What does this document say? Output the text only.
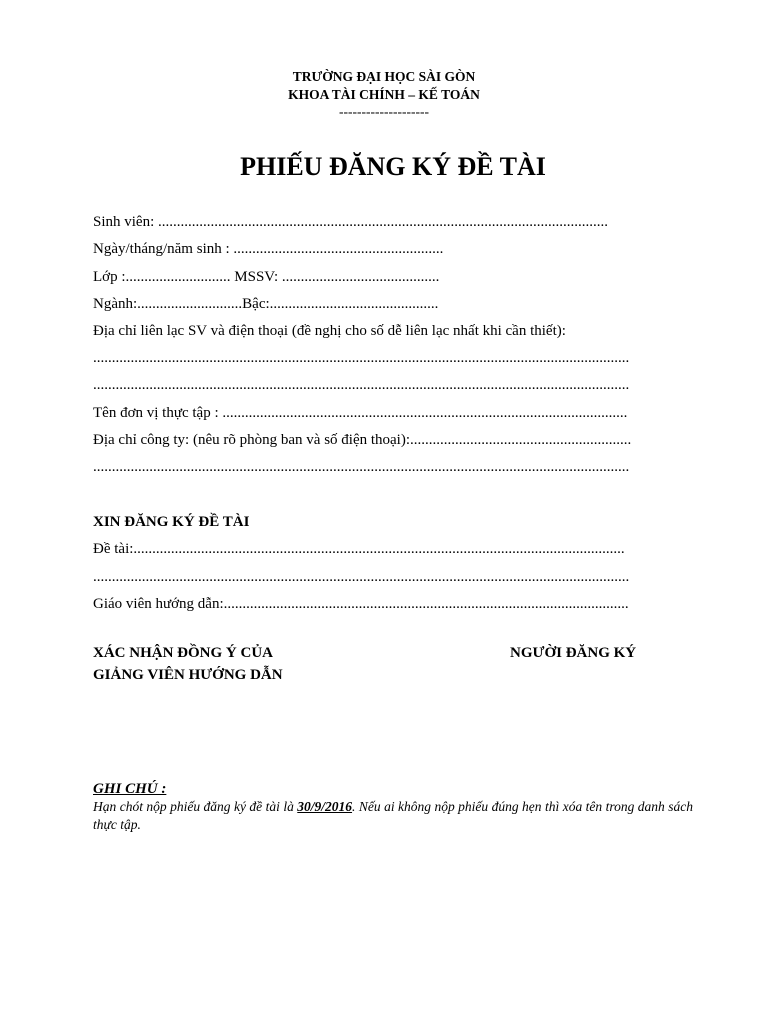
TRƯỜNG ĐẠI HỌC SÀI GÒN
KHOA TÀI CHÍNH – KẾ TOÁN
--------------------
PHIẾU ĐĂNG KÝ ĐỀ TÀI
Sinh viên: ........................................................................................................................
Ngày/tháng/năm sinh : ........................................................
Lớp :............................ MSSV: ..........................................
Ngành:............................Bậc:.............................................
Địa chỉ liên lạc SV và điện thoại (đề nghị cho số dễ liên lạc nhất khi cần thiết):
...............................................................................................................................................
...............................................................................................................................................
Tên đơn vị thực tập : ............................................................................................................
Địa chỉ công ty: (nêu rõ phòng ban và số điện thoại):...........................................................
...............................................................................................................................................
XIN ĐĂNG KÝ ĐỀ TÀI
Đề tài:...................................................................................................................................
...............................................................................................................................................
Giáo viên hướng dẫn:............................................................................................................
XÁC NHẬN ĐỒNG Ý CỦA
GIẢNG VIÊN HƯỚNG DẪN
NGƯỜI ĐĂNG KÝ
GHI CHÚ :
Hạn chót nộp phiếu đăng ký đề tài là 30/9/2016. Nếu ai không nộp phiếu đúng hẹn thì xóa tên trong danh sách thực tập.
